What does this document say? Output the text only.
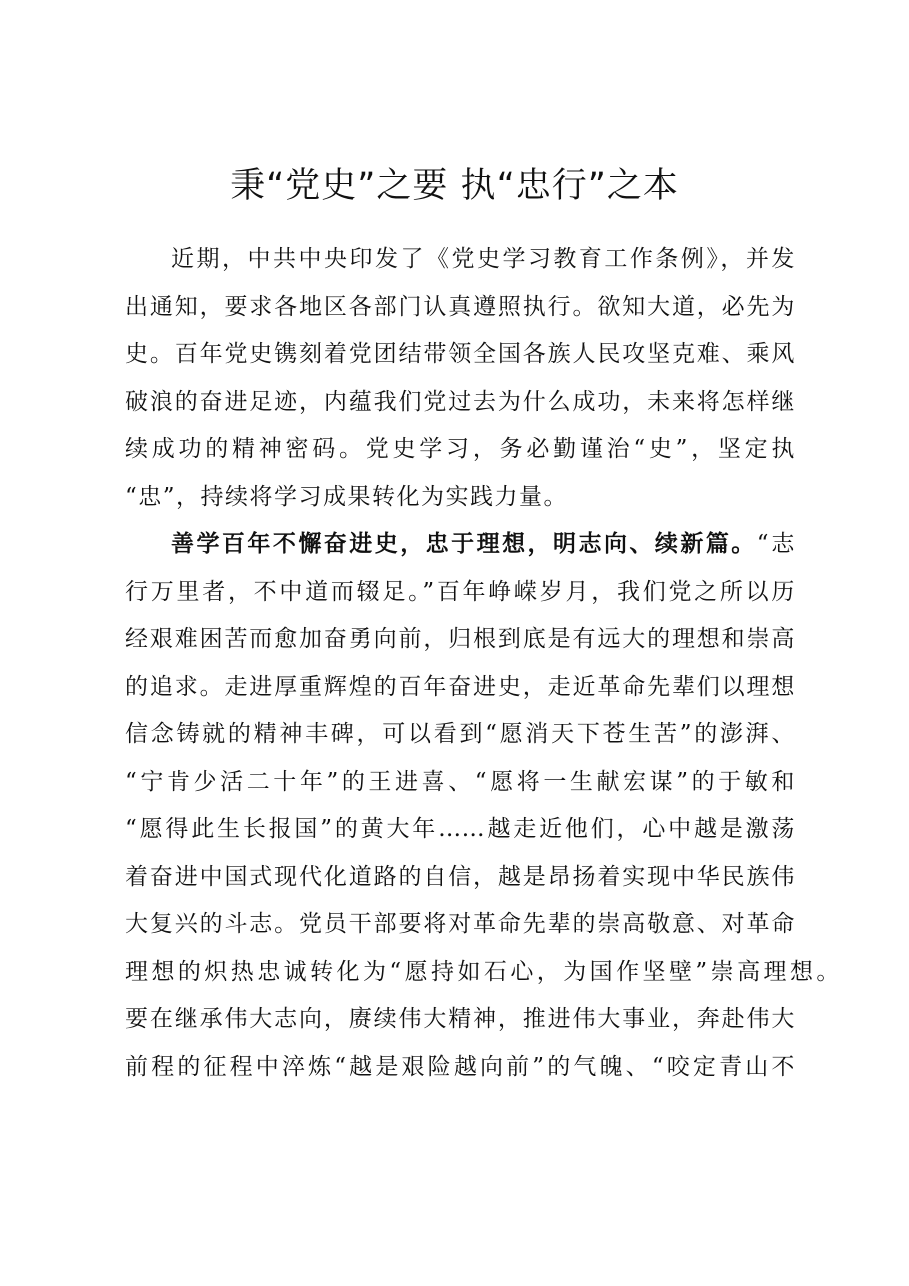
秉“党史”之要 执“忠行”之本
近期，中共中央印发了《党史学习教育工作条例》，并发
出通知，要求各地区各部门认真遵照执行。欲知大道，必先为
史。百年党史镌刻着党团结带领全国各族人民攻坚克难、乘风
破浪的奋进足迹，内蕴我们党过去为什么成功，未来将怎样继
续成功的精神密码。党史学习，务必勤谨治“史”，坚定执
“忠”，持续将学习成果转化为实践力量。
善学百年不懈奋进史，忠于理想，明志向、续新篇。“志
行万里者，不中道而辍足。”百年峥嵘岁月，我们党之所以历
经艰难困苦而愈加奋勇向前，归根到底是有远大的理想和崇高
的追求。走进厚重辉煌的百年奋进史，走近革命先辈们以理想
信念铸就的精神丰碑，可以看到“愿消天下苍生苦”的澎湃、
“宁肯少活二十年”的王进喜、“愿将一生献宏谋”的于敏和
“愿得此生长报国”的黄大年……越走近他们，心中越是激荡
着奋进中国式现代化道路的自信，越是昂扬着实现中华民族伟
大复兴的斗志。党员干部要将对革命先辈的崇高敬意、对革命
理想的炽热忠诚转化为“愿持如石心，为国作坚壁”崇高理想。
要在继承伟大志向，赓续伟大精神，推进伟大事业，奔赴伟大
前程的征程中淬炼“越是艰险越向前”的气魄、“咬定青山不
